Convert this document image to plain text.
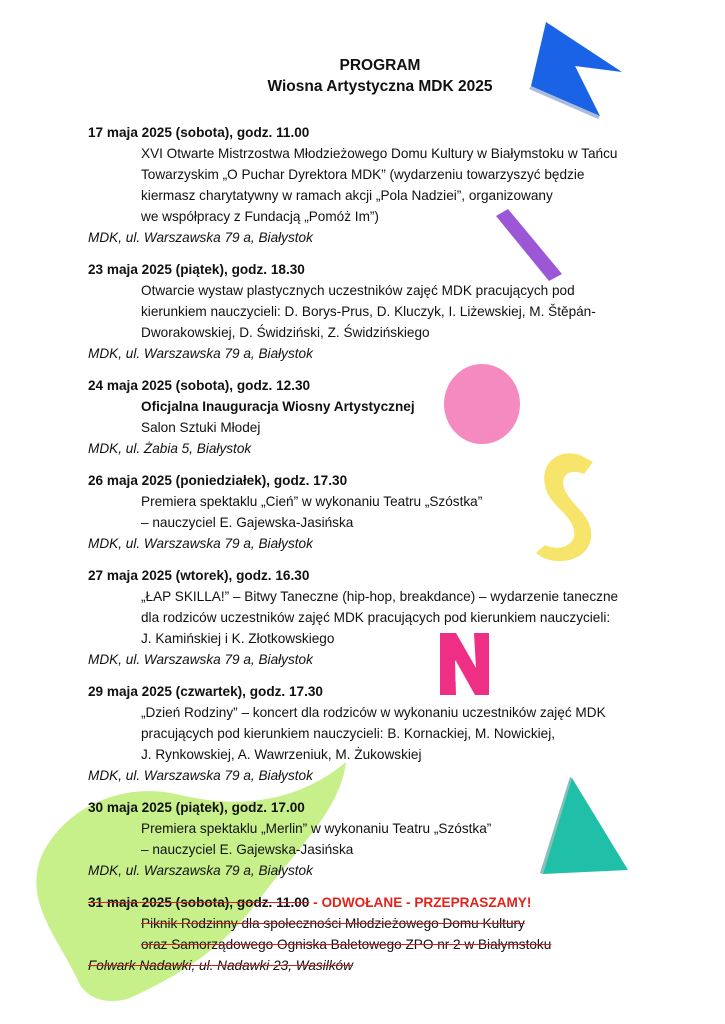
PROGRAM
Wiosna Artystyczna MDK 2025
17 maja 2025 (sobota), godz. 11.00
XVI Otwarte Mistrzostwa Młodzieżowego Domu Kultury w Białymstoku w Tańcu
Towarzyskim „O Puchar Dyrektora MDK” (wydarzeniu towarzyszyć będzie
kiermasz charytatywny w ramach akcji „Pola Nadziei”, organizowany
we współpracy z Fundacją „Pomóż Im”)
MDK, ul. Warszawska 79 a, Białystok
23 maja 2025 (piątek), godz. 18.30
Otwarcie wystaw plastycznych uczestników zajęć MDK pracujących pod
kierunkiem nauczycieli: D. Borys-Prus, D. Kluczyk, I. Liżewskiej, M. Štěpán-
Dworakowskiej, D. Świdziński, Z. Świdzińskiego
MDK, ul. Warszawska 79 a, Białystok
24 maja 2025 (sobota), godz. 12.30
Oficjalna Inauguracja Wiosny Artystycznej
Salon Sztuki Młodej
MDK, ul. Żabia 5, Białystok
26 maja 2025 (poniedziałek), godz. 17.30
Premiera spektaklu „Cień” w wykonaniu Teatru „Szóstka”
– nauczyciel E. Gajewska-Jasińska
MDK, ul. Warszawska 79 a, Białystok
27 maja 2025 (wtorek), godz. 16.30
„ŁAP SKILLA!” – Bitwy Taneczne (hip-hop, breakdance) – wydarzenie taneczne
dla rodziców uczestników zajęć MDK pracujących pod kierunkiem nauczycieli:
J. Kamińskiej i K. Złotkowskiego
MDK, ul. Warszawska 79 a, Białystok
29 maja 2025 (czwartek), godz. 17.30
„Dzień Rodziny” – koncert dla rodziców w wykonaniu uczestników zajęć MDK
pracujących pod kierunkiem nauczycieli: B. Kornackiej, M. Nowickiej,
J. Rynkowskiej, A. Wawrzeniuk, M. Żukowskiej
MDK, ul. Warszawska 79 a, Białystok
30 maja 2025 (piątek), godz. 17.00
Premiera spektaklu „Merlin” w wykonaniu Teatru „Szóstka”
– nauczyciel E. Gajewska-Jasińska
MDK, ul. Warszawska 79 a, Białystok
31 maja 2025 (sobota), godz. 11.00 - ODWOŁANE - PRZEPRASZAMY!
Piknik Rodzinny dla społeczności Młodzieżowego Domu Kultury
oraz Samorządowego Ogniska Baletowego ZPO nr 2 w Białymstoku
Folwark Nadawki, ul. Nadawki 23, Wasilków
